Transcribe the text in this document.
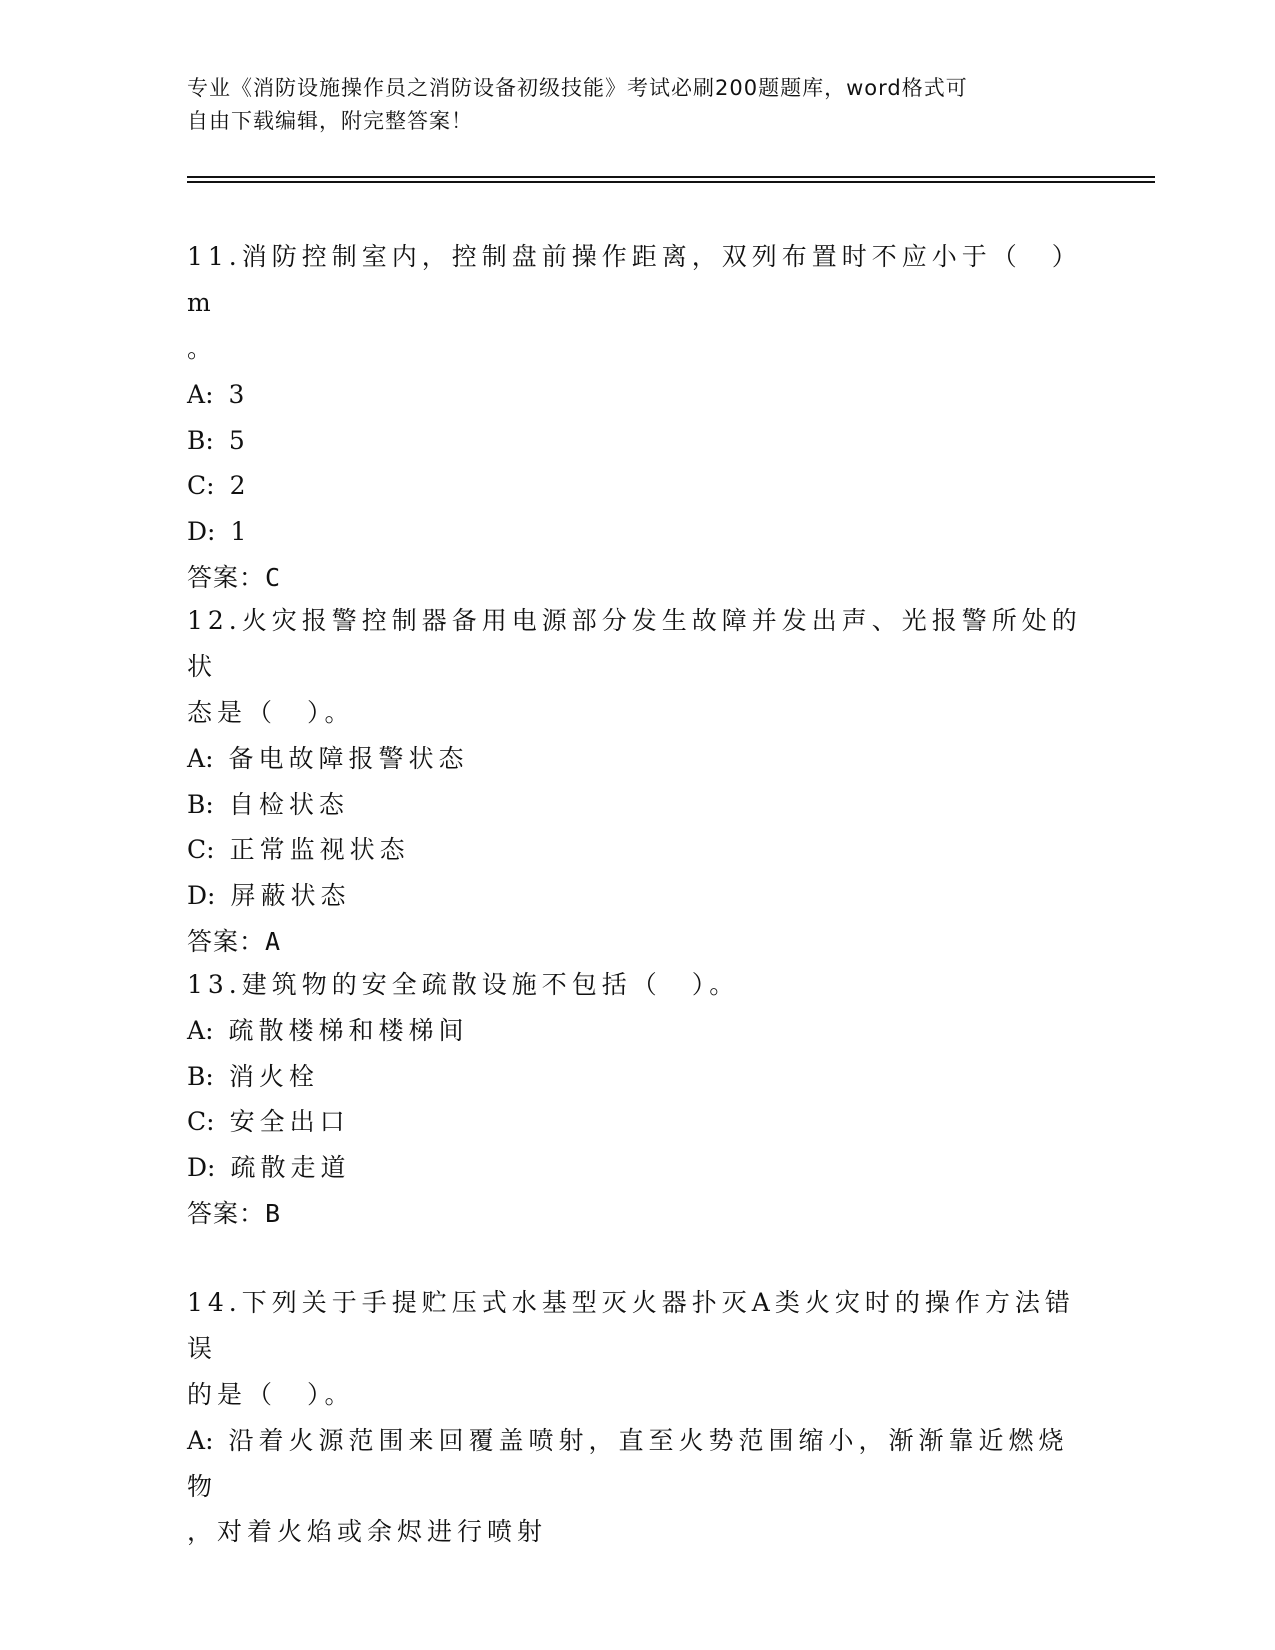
专业《消防设施操作员之消防设备初级技能》考试必刷200题题库，word格式可
自由下载编辑，附完整答案！
11.消防控制室内，控制盘前操作距离，双列布置时不应小于（　）m
。
A: 3
B: 5
C: 2
D: 1
答案：C
12.火灾报警控制器备用电源部分发生故障并发出声、光报警所处的状
态是（　）。
A: 备电故障报警状态
B: 自检状态
C: 正常监视状态
D: 屏蔽状态
答案：A
13.建筑物的安全疏散设施不包括（　）。
A: 疏散楼梯和楼梯间
B: 消火栓
C: 安全出口
D: 疏散走道
答案：B
14.下列关于手提贮压式水基型灭火器扑灭A类火灾时的操作方法错误
的是（　）。
A: 沿着火源范围来回覆盖喷射，直至火势范围缩小，渐渐靠近燃烧物
，对着火焰或余烬进行喷射
